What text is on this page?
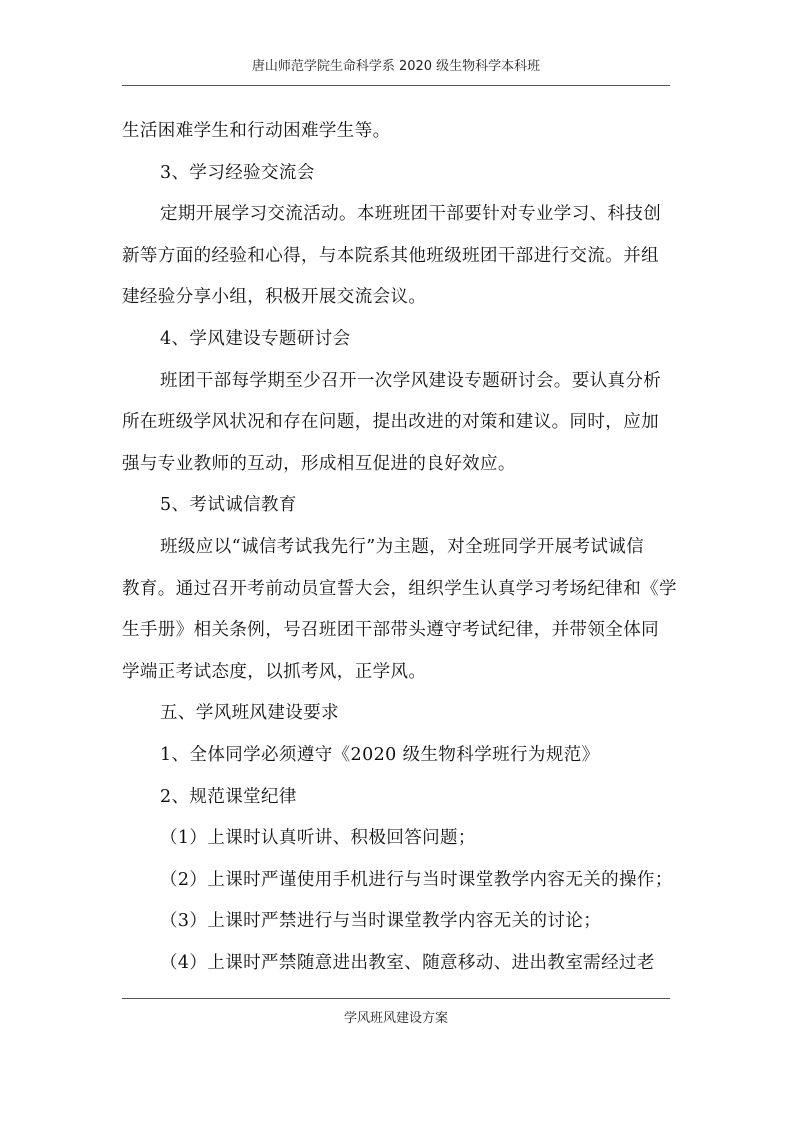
唐山师范学院生命科学系 2020 级生物科学本科班
生活困难学生和行动困难学生等。
3、学习经验交流会
定期开展学习交流活动。本班班团干部要针对专业学习、科技创
新等方面的经验和心得，与本院系其他班级班团干部进行交流。并组
建经验分享小组，积极开展交流会议。
4、学风建设专题研讨会
班团干部每学期至少召开一次学风建设专题研讨会。要认真分析
所在班级学风状况和存在问题，提出改进的对策和建议。同时，应加
强与专业教师的互动，形成相互促进的良好效应。
5、考试诚信教育
班级应以“诚信考试我先行”为主题，对全班同学开展考试诚信
教育。通过召开考前动员宣誓大会，组织学生认真学习考场纪律和《学
生手册》相关条例，号召班团干部带头遵守考试纪律，并带领全体同
学端正考试态度，以抓考风，正学风。
五、学风班风建设要求
1、全体同学必须遵守《2020 级生物科学班行为规范》
2、规范课堂纪律
（1）上课时认真听讲、积极回答问题；
（2）上课时严谨使用手机进行与当时课堂教学内容无关的操作；
（3）上课时严禁进行与当时课堂教学内容无关的讨论；
（4）上课时严禁随意进出教室、随意移动、进出教室需经过老
学风班风建设方案
